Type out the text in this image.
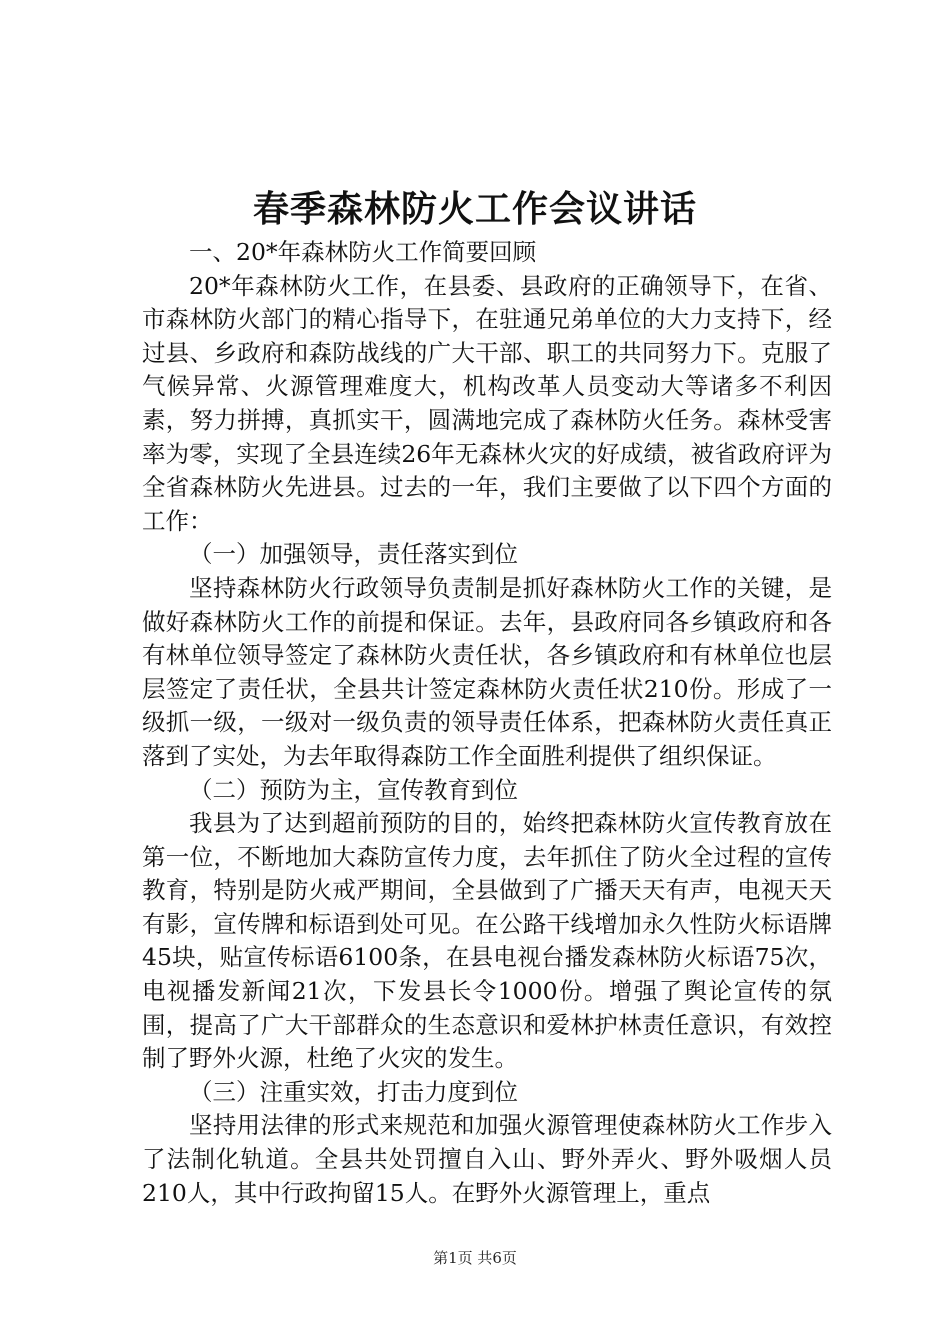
春季森林防火工作会议讲话

一、20*年森林防火工作简要回顾

20*年森林防火工作，在县委、县政府的正确领导下，在省、市森林防火部门的精心指导下，在驻通兄弟单位的大力支持下，经过县、乡政府和森防战线的广大干部、职工的共同努力下。克服了气候异常、火源管理难度大，机构改革人员变动大等诸多不利因素，努力拼搏，真抓实干，圆满地完成了森林防火任务。森林受害率为零，实现了全县连续26年无森林火灾的好成绩，被省政府评为全省森林防火先进县。过去的一年，我们主要做了以下四个方面的工作：

（一）加强领导，责任落实到位

坚持森林防火行政领导负责制是抓好森林防火工作的关键，是做好森林防火工作的前提和保证。去年，县政府同各乡镇政府和各有林单位领导签定了森林防火责任状，各乡镇政府和有林单位也层层签定了责任状，全县共计签定森林防火责任状210份。形成了一级抓一级，一级对一级负责的领导责任体系，把森林防火责任真正落到了实处，为去年取得森防工作全面胜利提供了组织保证。

（二）预防为主，宣传教育到位

我县为了达到超前预防的目的，始终把森林防火宣传教育放在第一位，不断地加大森防宣传力度，去年抓住了防火全过程的宣传教育，特别是防火戒严期间，全县做到了广播天天有声，电视天天有影，宣传牌和标语到处可见。在公路干线增加永久性防火标语牌45块，贴宣传标语6100条，在县电视台播发森林防火标语75次，电视播发新闻21次，下发县长令1000份。增强了舆论宣传的氛围，提高了广大干部群众的生态意识和爱林护林责任意识，有效控制了野外火源，杜绝了火灾的发生。

（三）注重实效，打击力度到位

坚持用法律的形式来规范和加强火源管理使森林防火工作步入了法制化轨道。全县共处罚擅自入山、野外弄火、野外吸烟人员210人，其中行政拘留15人。在野外火源管理上，重点

第1页 共6页
